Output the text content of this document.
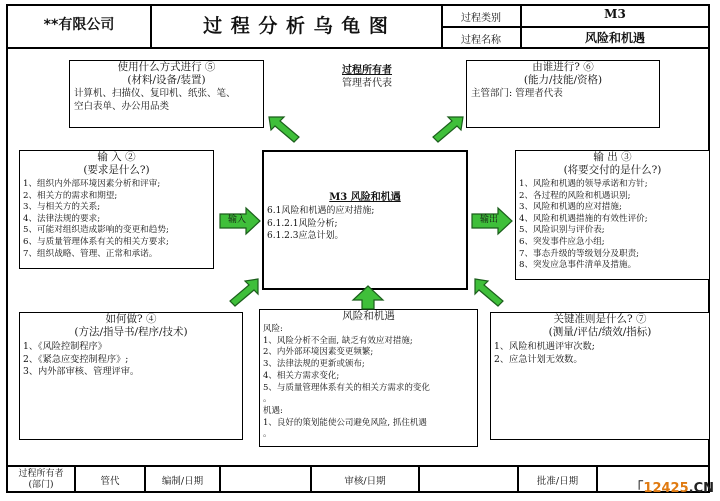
**有限公司	过 程 分 析 乌 龟 图	过程类别	M3
过程名称	风险和机遇
使用什么方式进行 ⑤
(材料/设备/装置)
计算机、扫描仪、复印机、纸张、笔、
空白表单、办公用品类
过程所有者
管理者代表
由谁进行? ⑥
(能力/技能/资格)
主管部门: 管理者代表
输 入 ②
(要求是什么?)
1、组织内外部环境因素分析和评审;
2、相关方的需求和期望;
3、与相关方的关系;
4、法律法规的要求;
5、可能对组织造成影响的变更和趋势;
6、与质量管理体系有关的相关方要求;
7、组织战略、管理、正常和承诺。
M3 风险和机遇
6.1风险和机遇的应对措施;
6.1.2.1风险分析;
6.1.2.3应急计划。
输 出 ③
(将要交付的是什么?)
1、风险和机遇的领导承诺和方针;
2、各过程的风险和机遇识别;
3、风险和机遇的应对措施;
4、风险和机遇措施的有效性评价;
5、风险识别与评价表;
6、突发事件应急小组;
7、事态升级的等级划分及职责;
8、突发应急事件清单及措施。
如何做? ④
(方法/指导书/程序/技术)
1、《风险控制程序》
2、《紧急应变控制程序》;
3、内外部审核、管理评审。
风险和机遇
风险:
1、风险分析不全面, 缺乏有效应对措施;
2、内外部环境因素变更频繁;
3、法律法规的更新或颁布;
4、相关方需求变化;
5、与质量管理体系有关的相关方需求的变化
。
机遇:
1、良好的策划能使公司避免风险, 抓住机遇
。
关键准则是什么? ⑦
(测量/评估/绩效/指标)
1、风险和机遇评审次数;
2、应急计划无效数。
输入	输出
过程所有者
(部门)	管代	编制/日期	审核/日期	批准/日期	「12425.CN
